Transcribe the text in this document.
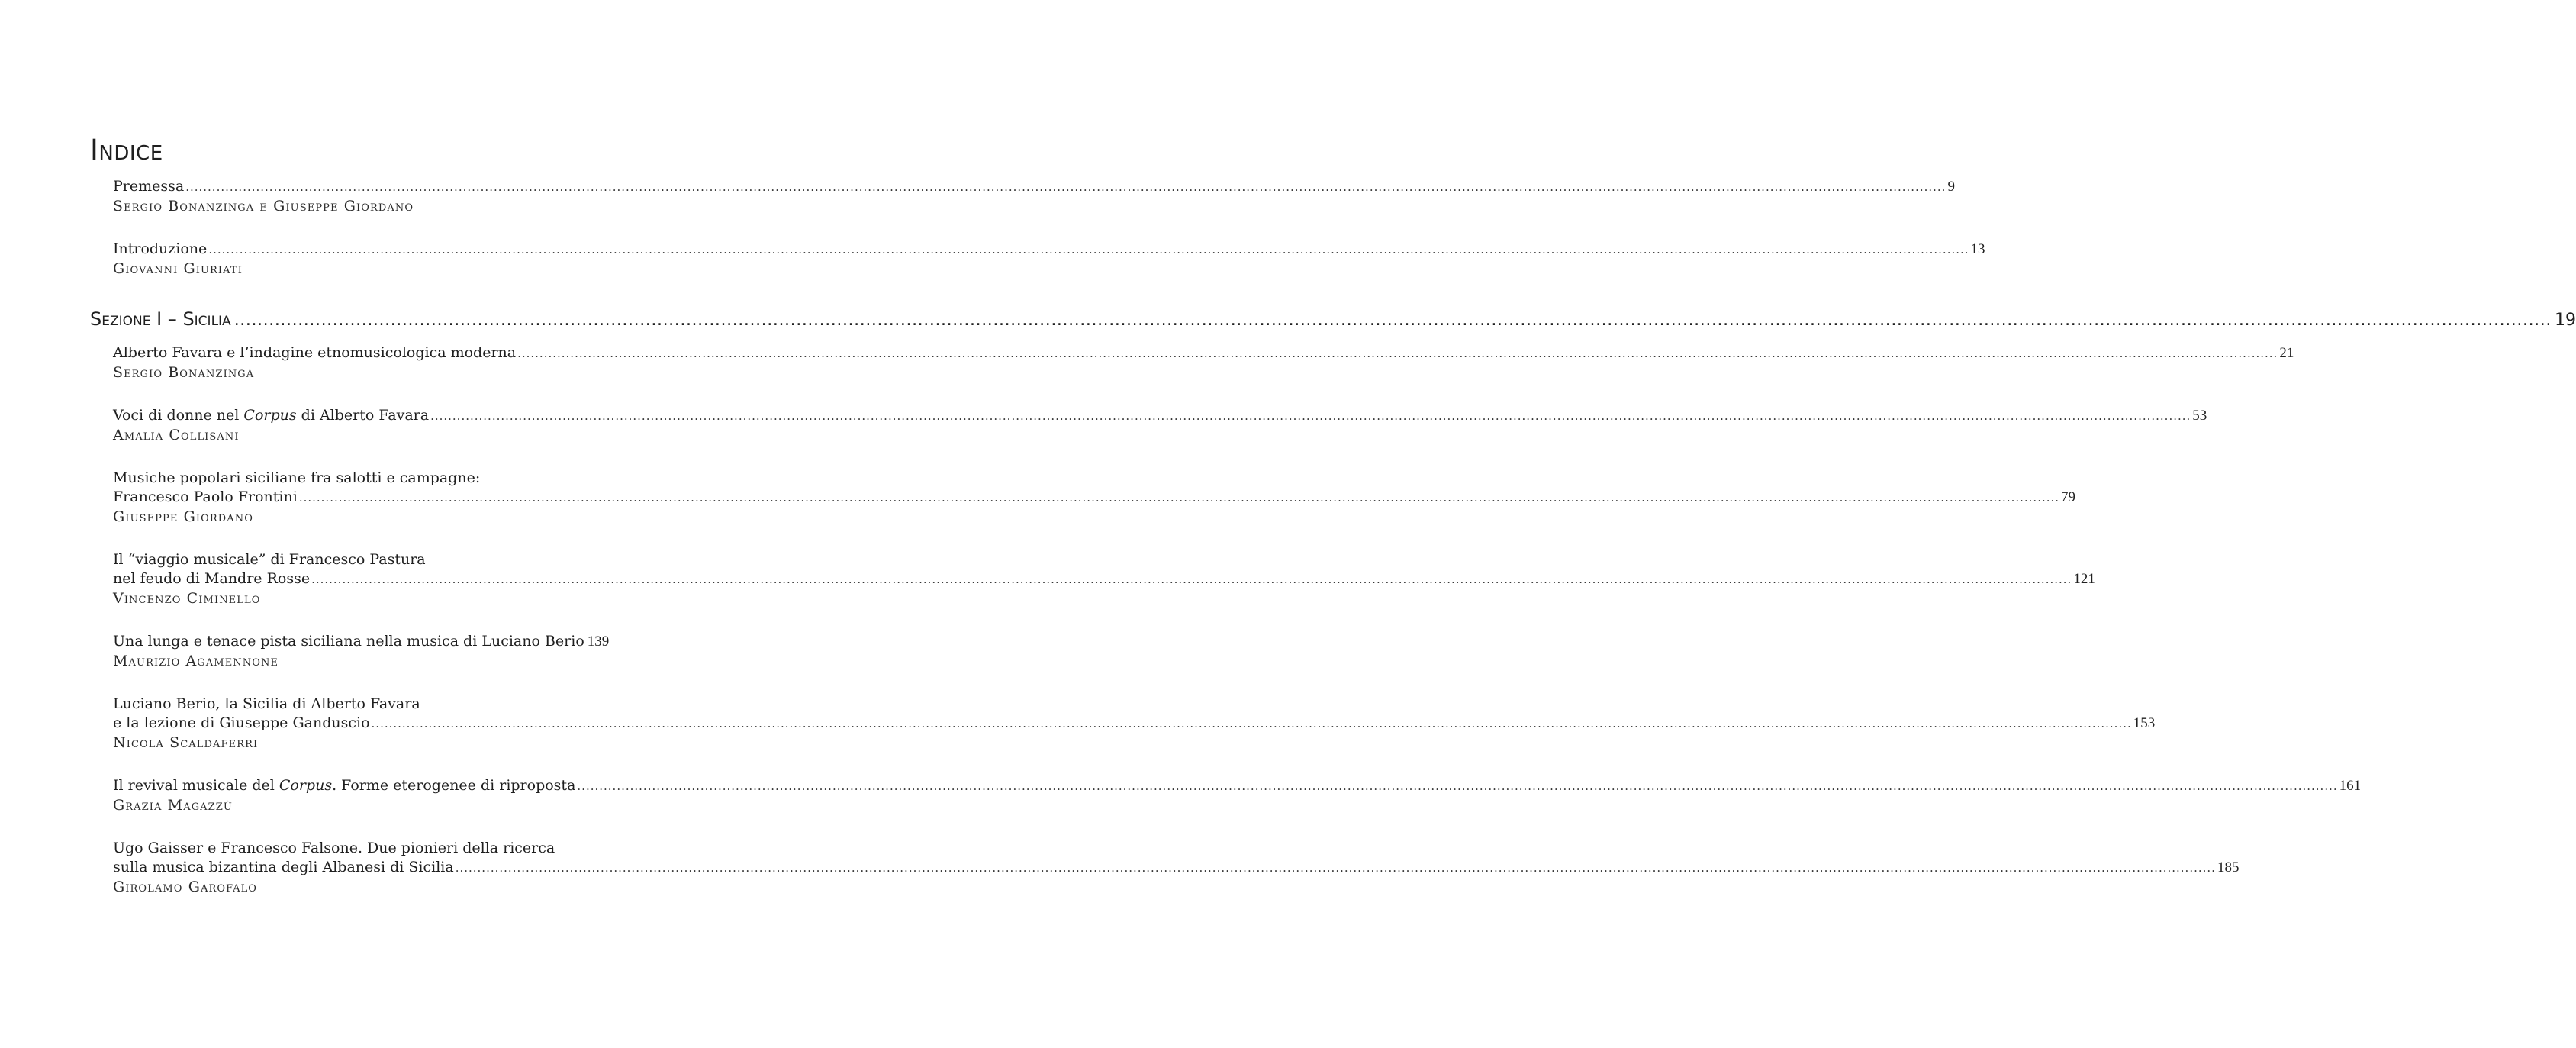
Indice
Premessa ................................................................................................................................................................................................................................................................................................................................................................................................................ 9
Sergio Bonanzinga e Giuseppe Giordano
Introduzione ................................................................................................................................................................................................................................................................................................................................................................................................................ 13
Giovanni Giuriati
Sezione I – Sicilia ................................................................................................................................................................................................................................................................................................................................................................................................................ 19
Alberto Favara e l’indagine etnomusicologica moderna ................................................................................................................................................................................................................................................................................................................................................................................................................ 21
Sergio Bonanzinga
Voci di donne nel Corpus di Alberto Favara ................................................................................................................................................................................................................................................................................................................................................................................................................ 53
Amalia Collisani
Musiche popolari siciliane fra salotti e campagne:
Francesco Paolo Frontini ................................................................................................................................................................................................................................................................................................................................................................................................................ 79
Giuseppe Giordano
Il “viaggio musicale” di Francesco Pastura
nel feudo di Mandre Rosse ................................................................................................................................................................................................................................................................................................................................................................................................................ 121
Vincenzo Ciminello
Una lunga e tenace pista siciliana nella musica di Luciano Berio 139
Maurizio Agamennone
Luciano Berio, la Sicilia di Alberto Favara
e la lezione di Giuseppe Ganduscio ................................................................................................................................................................................................................................................................................................................................................................................................................ 153
Nicola Scaldaferri
Il revival musicale del Corpus. Forme eterogenee di riproposta ................................................................................................................................................................................................................................................................................................................................................................................................................ 161
Grazia Magazzù
Ugo Gaisser e Francesco Falsone. Due pionieri della ricerca
sulla musica bizantina degli Albanesi di Sicilia ................................................................................................................................................................................................................................................................................................................................................................................................................ 185
Girolamo Garofalo
